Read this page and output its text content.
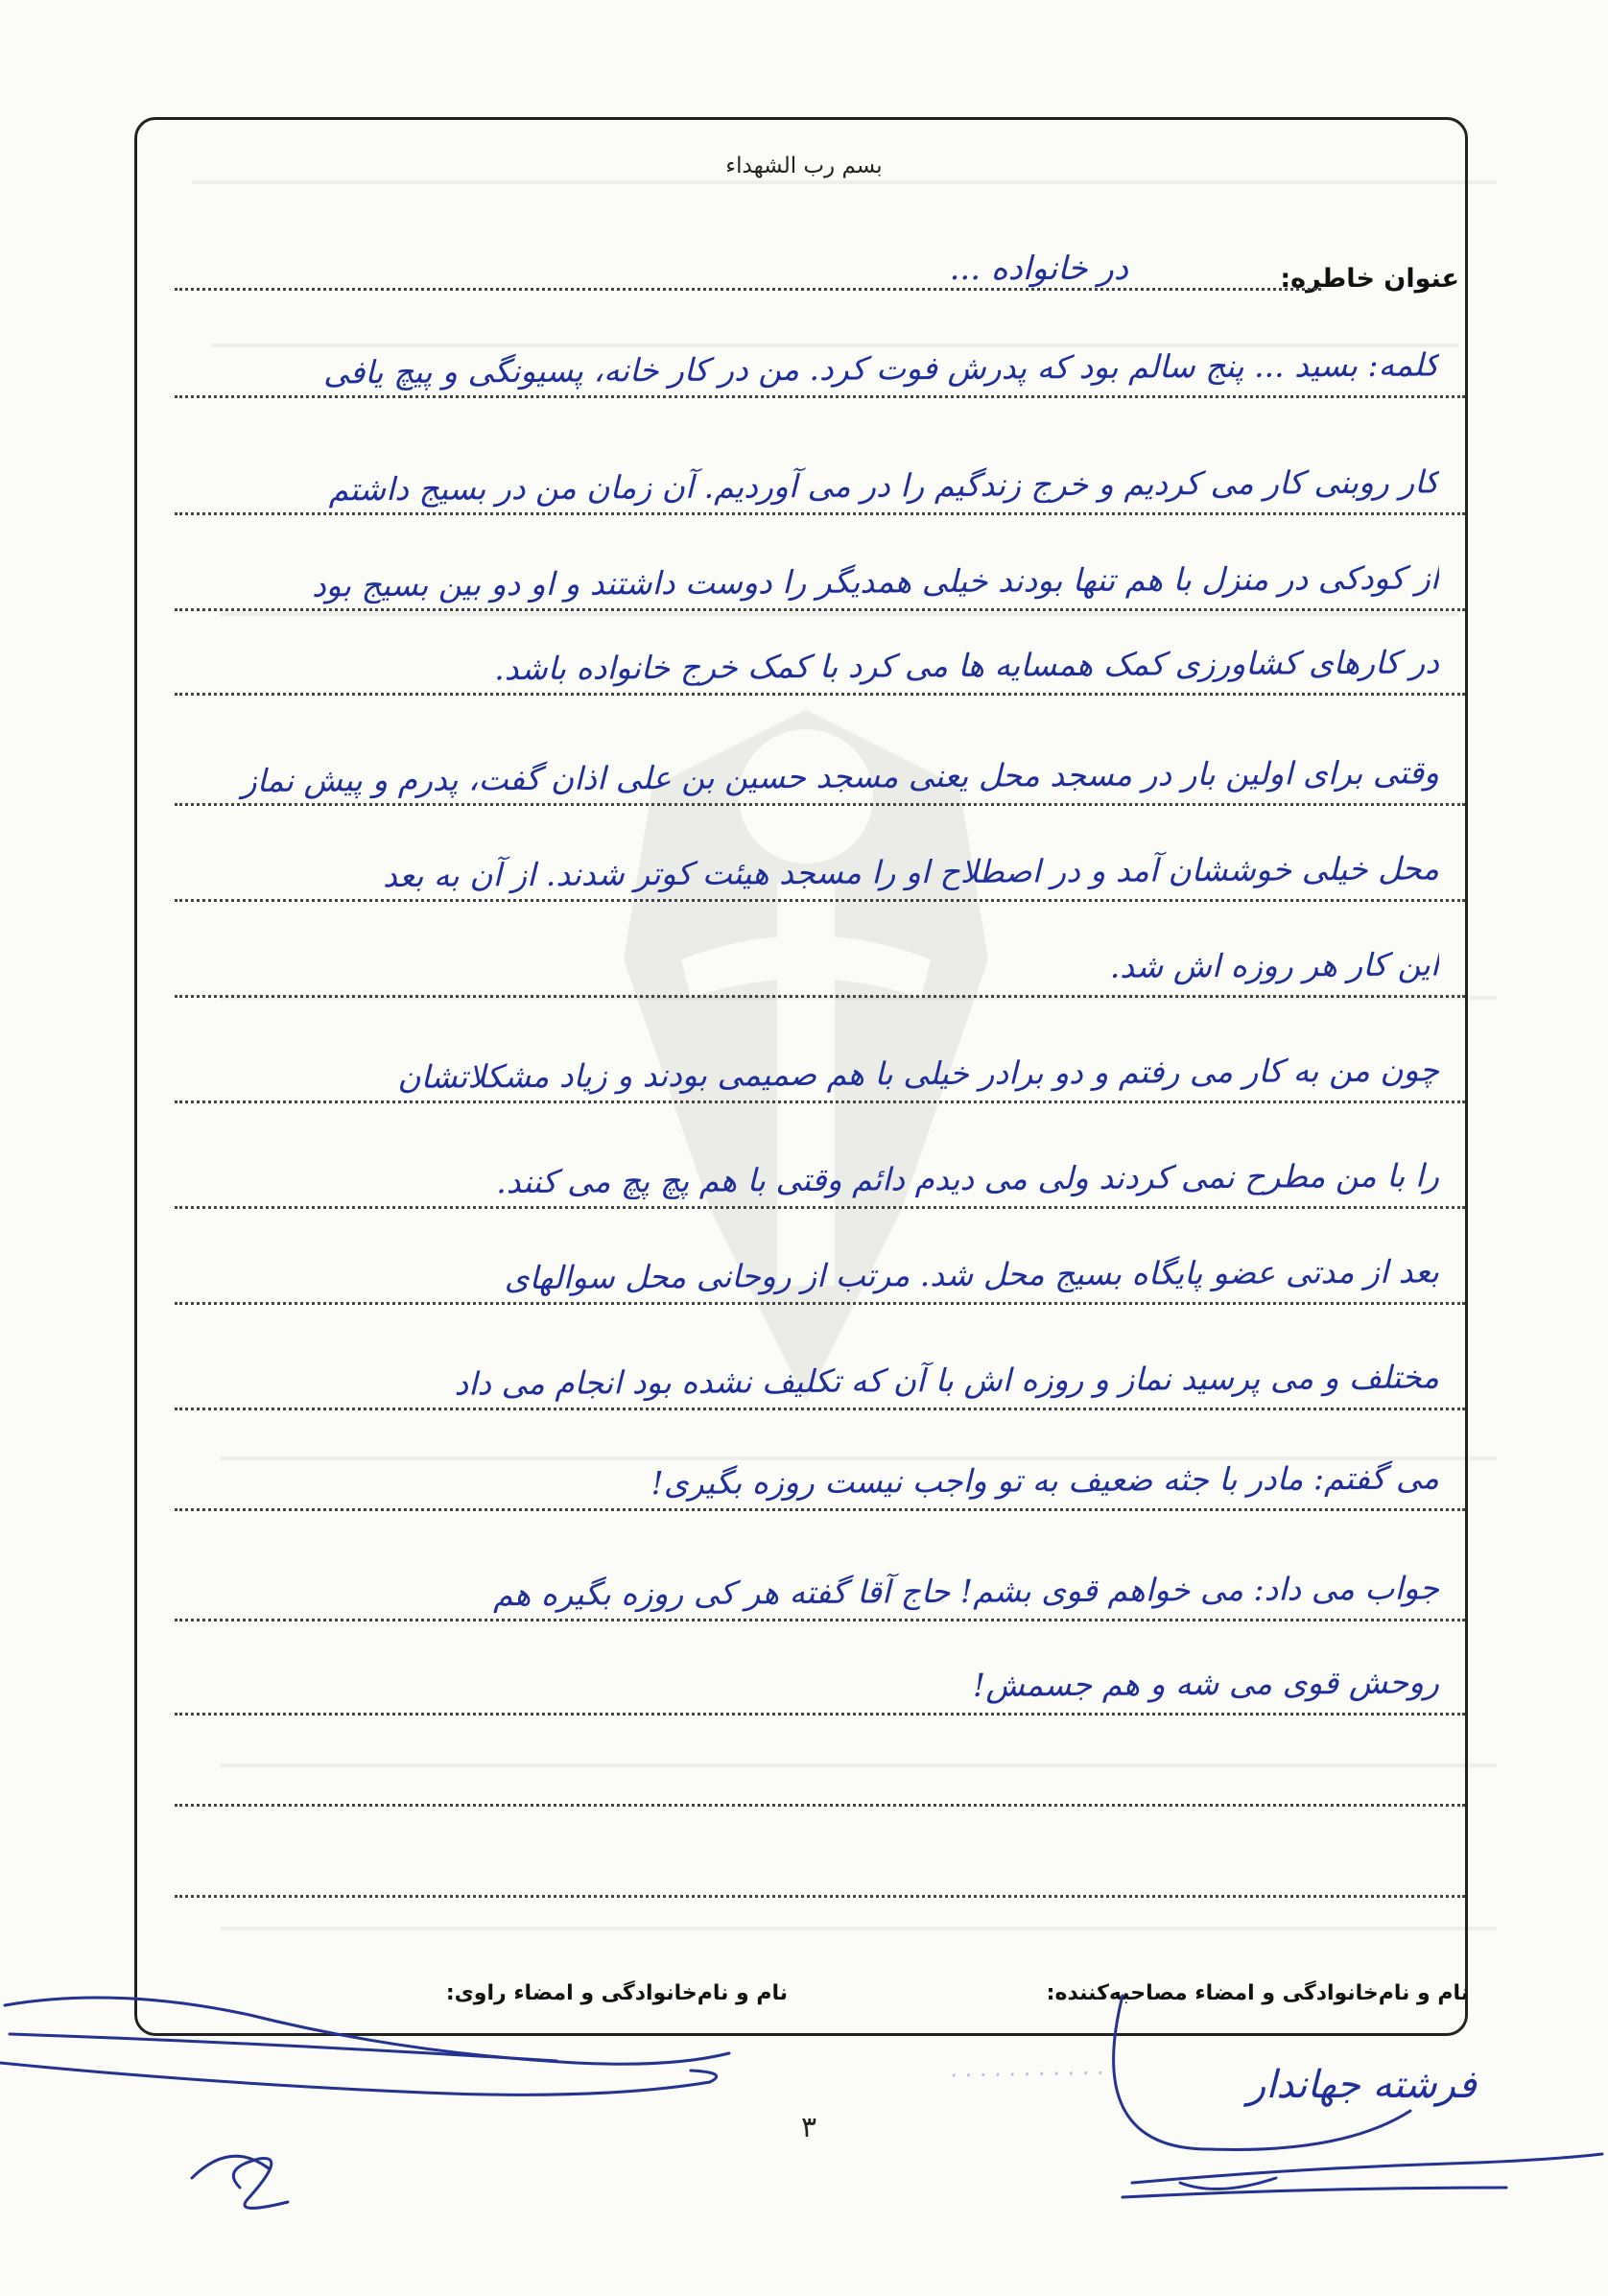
بسم رب الشهداء
عنوان خاطره:
در خانواده ...
کلمه: بسید ... پنج سالم بود که پدرش فوت کرد. من در کار خانه، پسیونگی و پیچ یافی
کار روبنی کار می کردیم و خرج زندگیم را در می آوردیم. آن زمان من در بسیج داشتم
از کودکی در منزل با هم تنها بودند خیلی همدیگر را دوست داشتند و او دو بین بسیج بود
در کارهای کشاورزی کمک همسایه ها می کرد با کمک خرج خانواده باشد.
وقتی برای اولین بار در مسجد محل یعنی مسجد حسین بن علی اذان گفت، پدرم و پیش نماز
محل خیلی خوششان آمد و در اصطلاح او را مسجد هیئت کوتر شدند. از آن به بعد
این کار هر روزه اش شد.
چون من به کار می رفتم و دو برادر خیلی با هم صمیمی بودند و زیاد مشکلاتشان
را با من مطرح نمی کردند ولی می دیدم دائم وقتی با هم پچ پچ می کنند.
بعد از مدتی عضو پایگاه بسیج محل شد. مرتب از روحانی محل سوالهای
مختلف و می پرسید نماز و روزه اش با آن که تکلیف نشده بود انجام می داد
می گفتم: مادر با جثه ضعیف به تو واجب نیست روزه بگیری!
جواب می داد: می خواهم قوی بشم! حاج آقا گفته هر کی روزه بگیره هم
روحش قوی می شه و هم جسمش!
نام و نام‌خانوادگی و امضاء مصاحبه‌کننده:
نام و نام‌خانوادگی و امضاء راوی:
فرشته جهاندار
· · · · · · · · · · ·
۳
